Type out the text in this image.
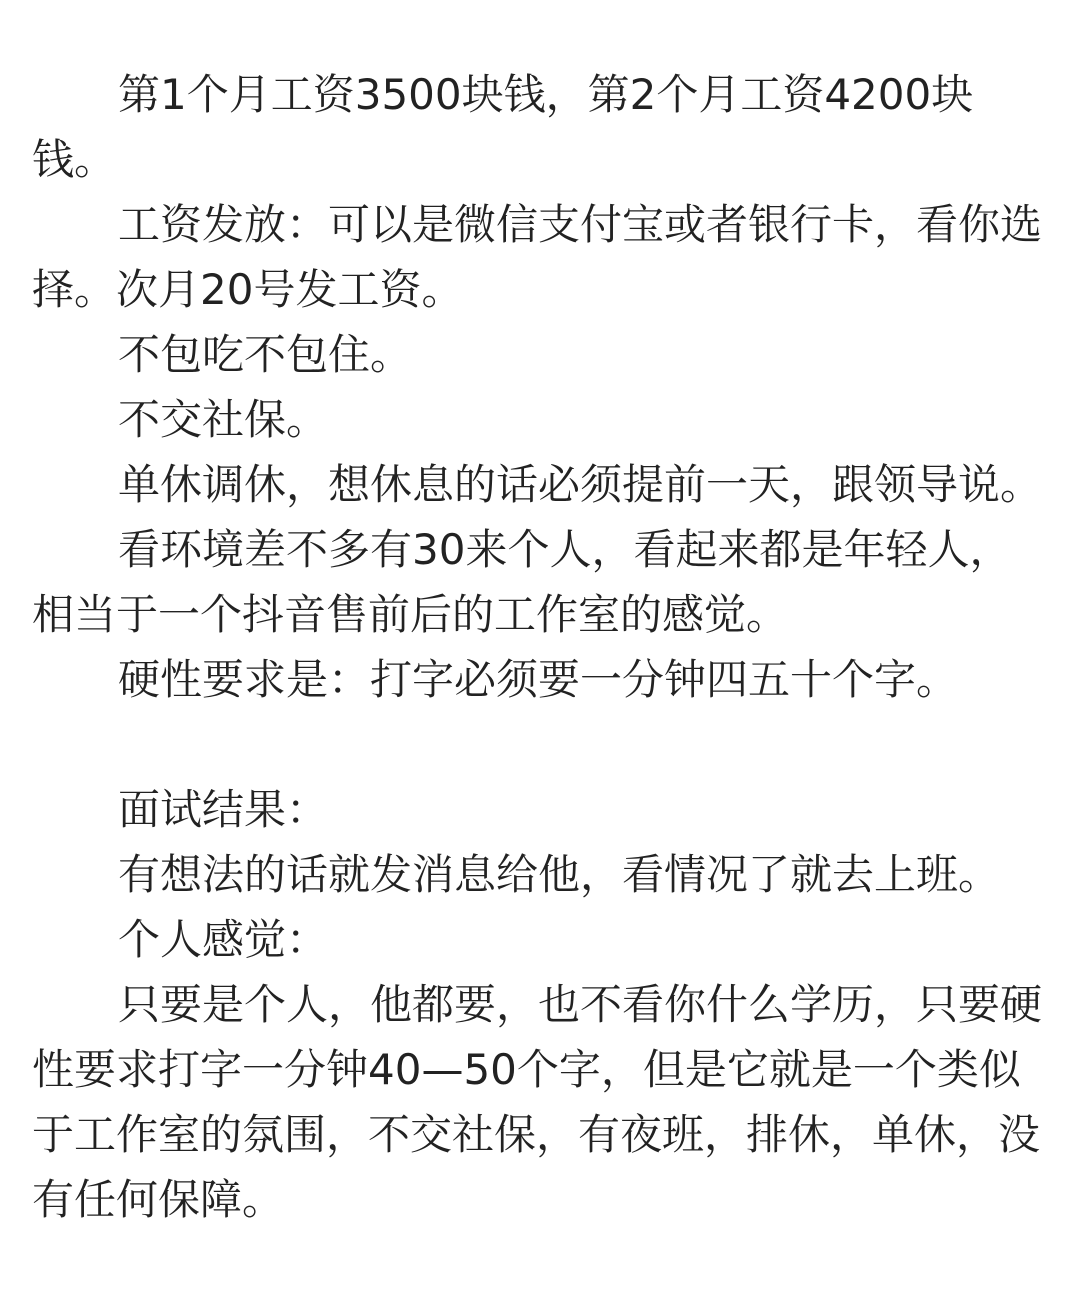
第1个月工资3500块钱，第2个月工资4200块钱。

工资发放：可以是微信支付宝或者银行卡，看你选择。次月20号发工资。

不包吃不包住。

不交社保。

单休调休，想休息的话必须提前一天，跟领导说。

看环境差不多有30来个人，看起来都是年轻人，相当于一个抖音售前后的工作室的感觉。

硬性要求是：打字必须要一分钟四五十个字。

面试结果：

有想法的话就发消息给他，看情况了就去上班。

个人感觉：

只要是个人，他都要，也不看你什么学历，只要硬性要求打字一分钟40—50个字，但是它就是一个类似于工作室的氛围，不交社保，有夜班，排休，单休，没有任何保障。
